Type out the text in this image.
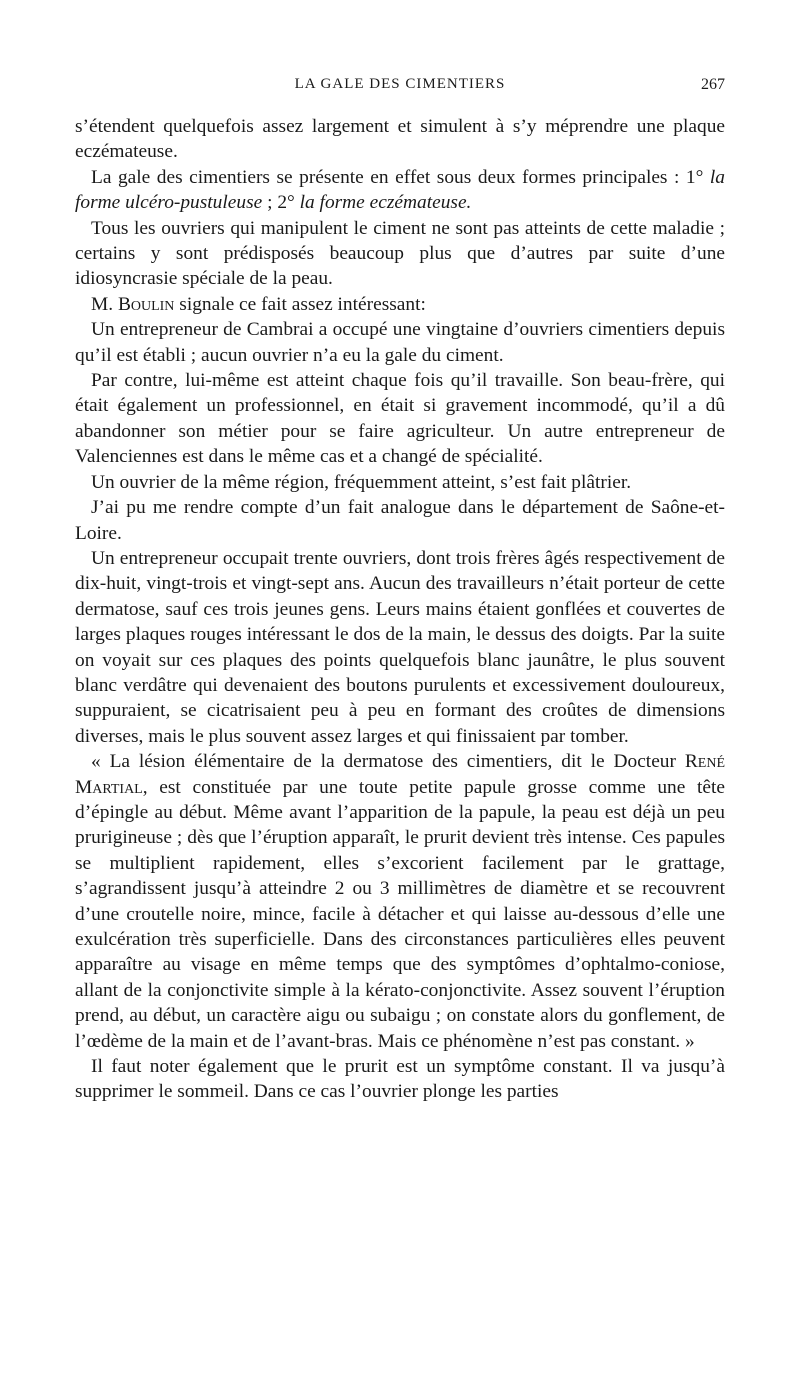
LA GALE DES CIMENTIERS	267

s’étendent quelquefois assez largement et simulent à s’y méprendre une plaque eczémateuse.

La gale des cimentiers se présente en effet sous deux formes principales : 1° la forme ulcéro-pustuleuse ; 2° la forme eczémateuse.

Tous les ouvriers qui manipulent le ciment ne sont pas atteints de cette maladie ; certains y sont prédisposés beaucoup plus que d’autres par suite d’une idiosyncrasie spéciale de la peau.

M. Boulin signale ce fait assez intéressant:

Un entrepreneur de Cambrai a occupé une vingtaine d’ouvriers cimentiers depuis qu’il est établi ; aucun ouvrier n’a eu la gale du ciment.

Par contre, lui-même est atteint chaque fois qu’il travaille. Son beau-frère, qui était également un professionnel, en était si gravement incommodé, qu’il a dû abandonner son métier pour se faire agriculteur. Un autre entrepreneur de Valenciennes est dans le même cas et a changé de spécialité.

Un ouvrier de la même région, fréquemment atteint, s’est fait plâtrier.

J’ai pu me rendre compte d’un fait analogue dans le département de Saône-et-Loire.

Un entrepreneur occupait trente ouvriers, dont trois frères âgés respectivement de dix-huit, vingt-trois et vingt-sept ans. Aucun des travailleurs n’était porteur de cette dermatose, sauf ces trois jeunes gens. Leurs mains étaient gonflées et couvertes de larges plaques rouges intéressant le dos de la main, le dessus des doigts. Par la suite on voyait sur ces plaques des points quelquefois blanc jaunâtre, le plus souvent blanc verdâtre qui devenaient des boutons purulents et excessivement douloureux, suppuraient, se cicatrisaient peu à peu en formant des croûtes de dimensions diverses, mais le plus souvent assez larges et qui finissaient par tomber.

« La lésion élémentaire de la dermatose des cimentiers, dit le Docteur René Martial, est constituée par une toute petite papule grosse comme une tête d’épingle au début. Même avant l’apparition de la papule, la peau est déjà un peu prurigineuse ; dès que l’éruption apparaît, le prurit devient très intense. Ces papules se multiplient rapidement, elles s’excorient facilement par le grattage, s’agrandissent jusqu’à atteindre 2 ou 3 millimètres de diamètre et se recouvrent d’une croutelle noire, mince, facile à détacher et qui laisse au-dessous d’elle une exulcération très superficielle. Dans des circonstances particulières elles peuvent apparaître au visage en même temps que des symptômes d’ophtalmo-coniose, allant de la conjonctivite simple à la kérato-conjonctivite. Assez souvent l’éruption prend, au début, un caractère aigu ou subaigu ; on constate alors du gonflement, de l’œdème de la main et de l’avant-bras. Mais ce phénomène n’est pas constant. »

Il faut noter également que le prurit est un symptôme constant. Il va jusqu’à supprimer le sommeil. Dans ce cas l’ouvrier plonge les parties
